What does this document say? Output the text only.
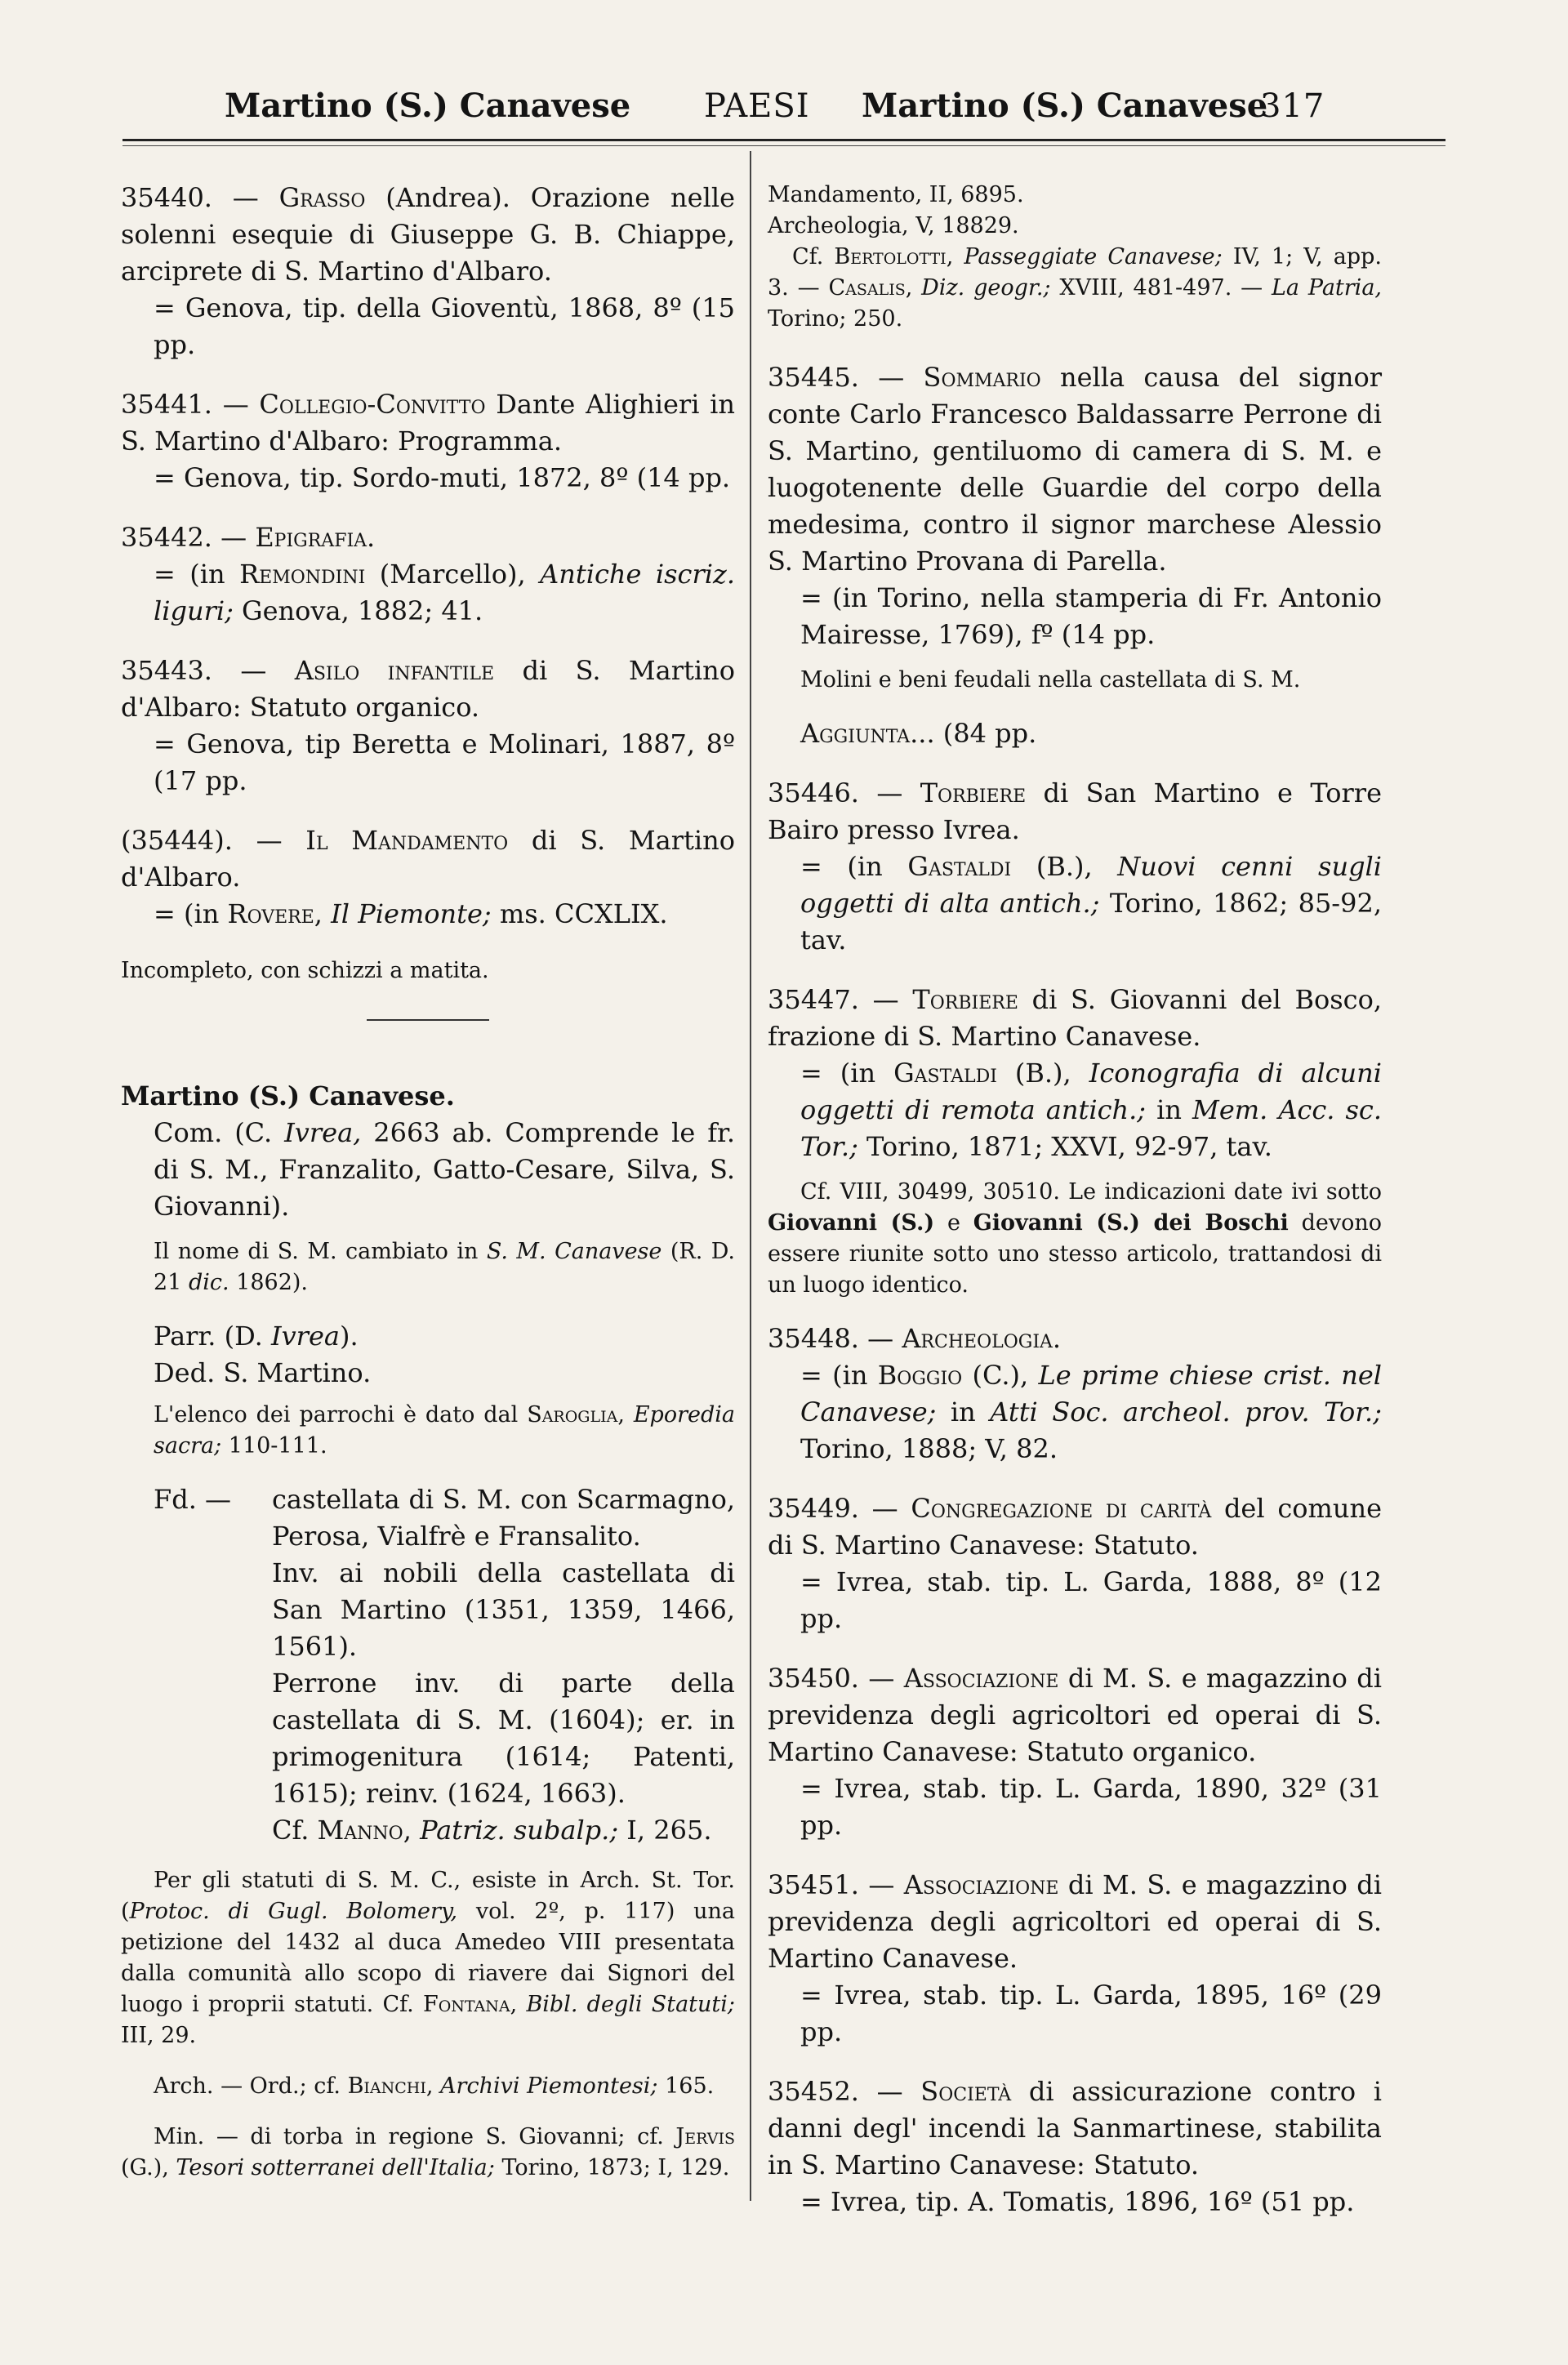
Martino (S.) Canavese PAESI Martino (S.) Canavese
317

35440. — Grasso (Andrea). Orazione nelle solenni esequie di Giuseppe G. B. Chiappe, arciprete di S. Martino d'Albaro.

= Genova, tip. della Gioventù, 1868, 8º (15 pp.

35441. — Collegio-Convitto Dante Alighieri in S. Martino d'Albaro: Programma.

= Genova, tip. Sordo-muti, 1872, 8º (14 pp.

35442. — Epigrafia.

= (in Remondini (Marcello), Antiche iscriz. liguri; Genova, 1882; 41.

35443. — Asilo infantile di S. Martino d'Albaro: Statuto organico.

= Genova, tip Beretta e Molinari, 1887, 8º (17 pp.

(35444). — Il Mandamento di S. Martino d'Albaro.

= (in Rovere, Il Piemonte; ms. CCXLIX.

Incompleto, con schizzi a matita.

Martino (S.) Canavese.

Com. (C. Ivrea, 2663 ab. Comprende le fr. di S. M., Franzalito, Gatto-Cesare, Silva, S. Giovanni).

Il nome di S. M. cambiato in S. M. Canavese (R. D. 21 dic. 1862).

Parr. (D. Ivrea).

Ded. S. Martino.

L'elenco dei parrochi è dato dal Saroglia, Eporedia sacra; 110-111.
Fd. —	castellata di S. M. con Scarmagno, Perosa, Vialfrè e Fransalito.

Inv. ai nobili della castellata di San Martino (1351, 1359, 1466, 1561).

Perrone inv. di parte della castellata di S. M. (1604); er. in primogenitura (1614; Patenti, 1615); reinv. (1624, 1663).

Cf. Manno, Patriz. subalp.; I, 265.

Per gli statuti di S. M. C., esiste in Arch. St. Tor. (Protoc. di Gugl. Bolomery, vol. 2º, p. 117) una petizione del 1432 al duca Amedeo VIII presentata dalla comunità allo scopo di riavere dai Signori del luogo i proprii statuti. Cf. Fontana, Bibl. degli Statuti; III, 29.
Arch. — Ord.; cf. Bianchi, Archivi Piemontesi; 165.
Min. — di torba in regione S. Giovanni; cf. Jervis (G.), Tesori sotterranei dell'Italia; Torino, 1873; I, 129.
Mandamento, II, 6895.
Archeologia, V, 18829.
Cf. Bertolotti, Passeggiate Canavese; IV, 1; V, app. 3. — Casalis, Diz. geogr.; XVIII, 481-497. — La Patria, Torino; 250.

35445. — Sommario nella causa del signor conte Carlo Francesco Baldassarre Perrone di S. Martino, gentiluomo di camera di S. M. e luogotenente delle Guardie del corpo della medesima, contro il signor marchese Alessio S. Martino Provana di Parella.

= (in Torino, nella stamperia di Fr. Antonio Mairesse, 1769), fº (14 pp.

Molini e beni feudali nella castellata di S. M.

Aggiunta... (84 pp.

35446. — Torbiere di San Martino e Torre Bairo presso Ivrea.

= (in Gastaldi (B.), Nuovi cenni sugli oggetti di alta antich.; Torino, 1862; 85-92, tav.

35447. — Torbiere di S. Giovanni del Bosco, frazione di S. Martino Canavese.

= (in Gastaldi (B.), Iconografia di alcuni oggetti di remota antich.; in Mem. Acc. sc. Tor.; Torino, 1871; XXVI, 92-97, tav.

Cf. VIII, 30499, 30510. Le indicazioni date ivi sotto Giovanni (S.) e Giovanni (S.) dei Boschi devono essere riunite sotto uno stesso articolo, trattandosi di un luogo identico.

35448. — Archeologia.

= (in Boggio (C.), Le prime chiese crist. nel Canavese; in Atti Soc. archeol. prov. Tor.; Torino, 1888; V, 82.

35449. — Congregazione di carità del comune di S. Martino Canavese: Statuto.

= Ivrea, stab. tip. L. Garda, 1888, 8º (12 pp.

35450. — Associazione di M. S. e magazzino di previdenza degli agricoltori ed operai di S. Martino Canavese: Statuto organico.

= Ivrea, stab. tip. L. Garda, 1890, 32º (31 pp.

35451. — Associazione di M. S. e magazzino di previdenza degli agricoltori ed operai di S. Martino Canavese.

= Ivrea, stab. tip. L. Garda, 1895, 16º (29 pp.

35452. — Società di assicurazione contro i danni degl' incendi la Sanmartinese, stabilita in S. Martino Canavese: Statuto.

= Ivrea, tip. A. Tomatis, 1896, 16º (51 pp.
